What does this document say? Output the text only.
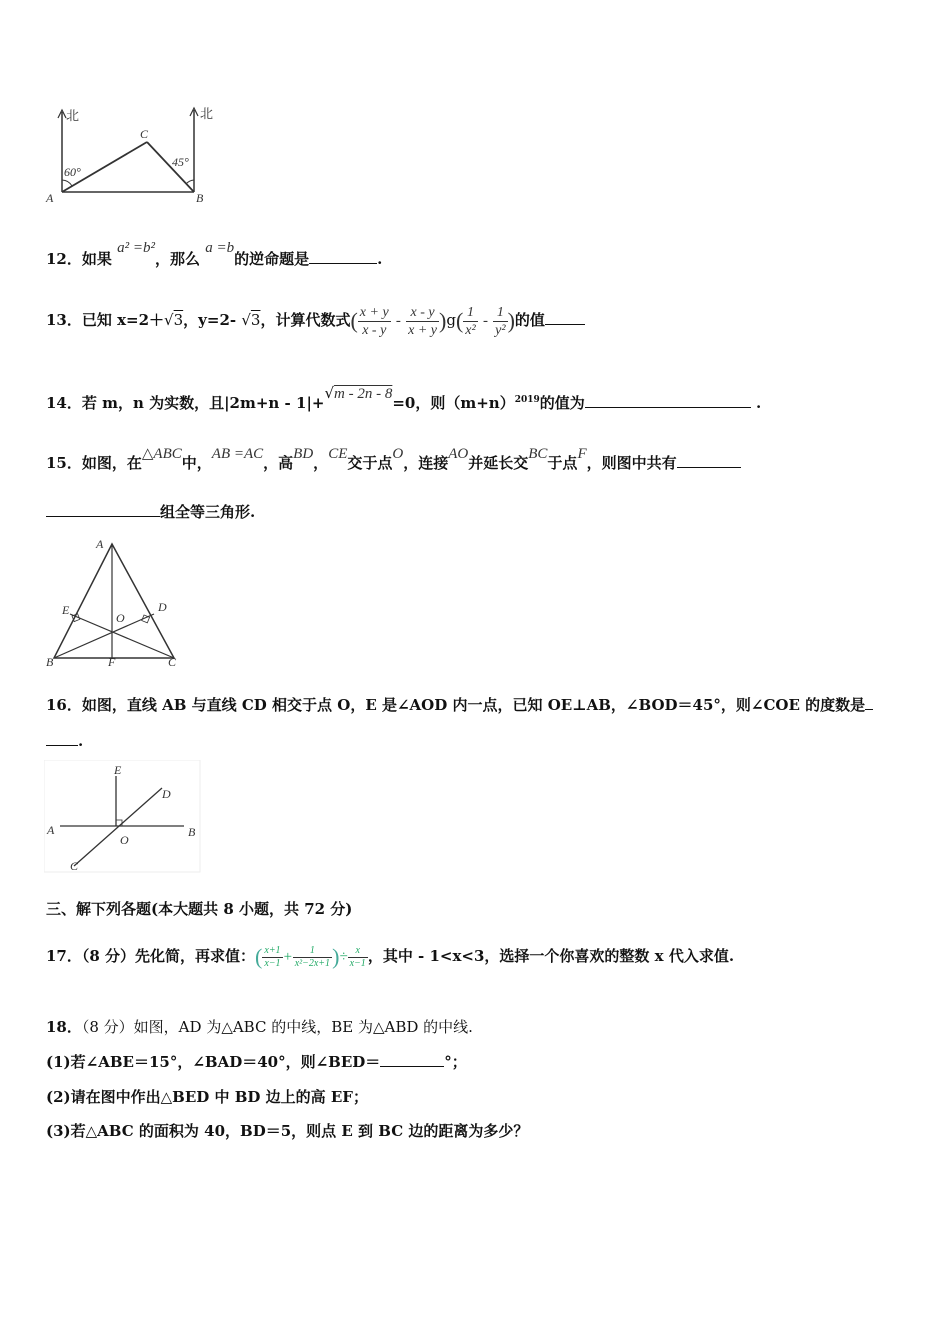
北	北
60°
45°
A	B
C
12．如果 a² =b²，那么 a =b的逆命题是	.
13．已知 x=2＋√3，y=2- √3，计算代数式( $\frac{x + y}{x - y} - \frac{x - y}{x + y} )g( \frac{1}{\text{x²}} - \frac{1}{\text{y²}}$ )的值
14．若 m，n 为实数，且|2m+n - 1|+√m - 2n - 8=0，则$(m+n)^{2019}$的值为	.
15．如图，在△ABC中，AB =AC，高BD，CE交于点O，连接AO并延长交BC于点F，则图中共有
组全等三角形.
A
B	C
D
E
F
O
16．如图，直线 AB 与直线 CD 相交于点 O，E 是∠AOD 内一点，已知 OE⊥AB，∠BOD＝45°，则∠COE 的度数是
.
A	B
C
D
E
O
三、解下列各题(本大题共 8 小题，共 72 分)
17．（8 分）先化简，再求值：( $\frac{x+1}{x-1} + \frac{1}{\text{x²−2x+1}}$ )÷ $\frac{x}{x-1}$ ，其中 - 1<x<3，选择一个你喜欢的整数 x 代入求值.
18．（8 分）如图，AD 为△ABC 的中线，BE 为△ABD 的中线.
(1)若∠ABE＝15°，∠BAD＝40°，则∠BED＝	°；
(2)请在图中作出△BED 中 BD 边上的高 EF；
(3)若△ABC 的面积为 40，BD＝5，则点 E 到 BC 边的距离为多少？
